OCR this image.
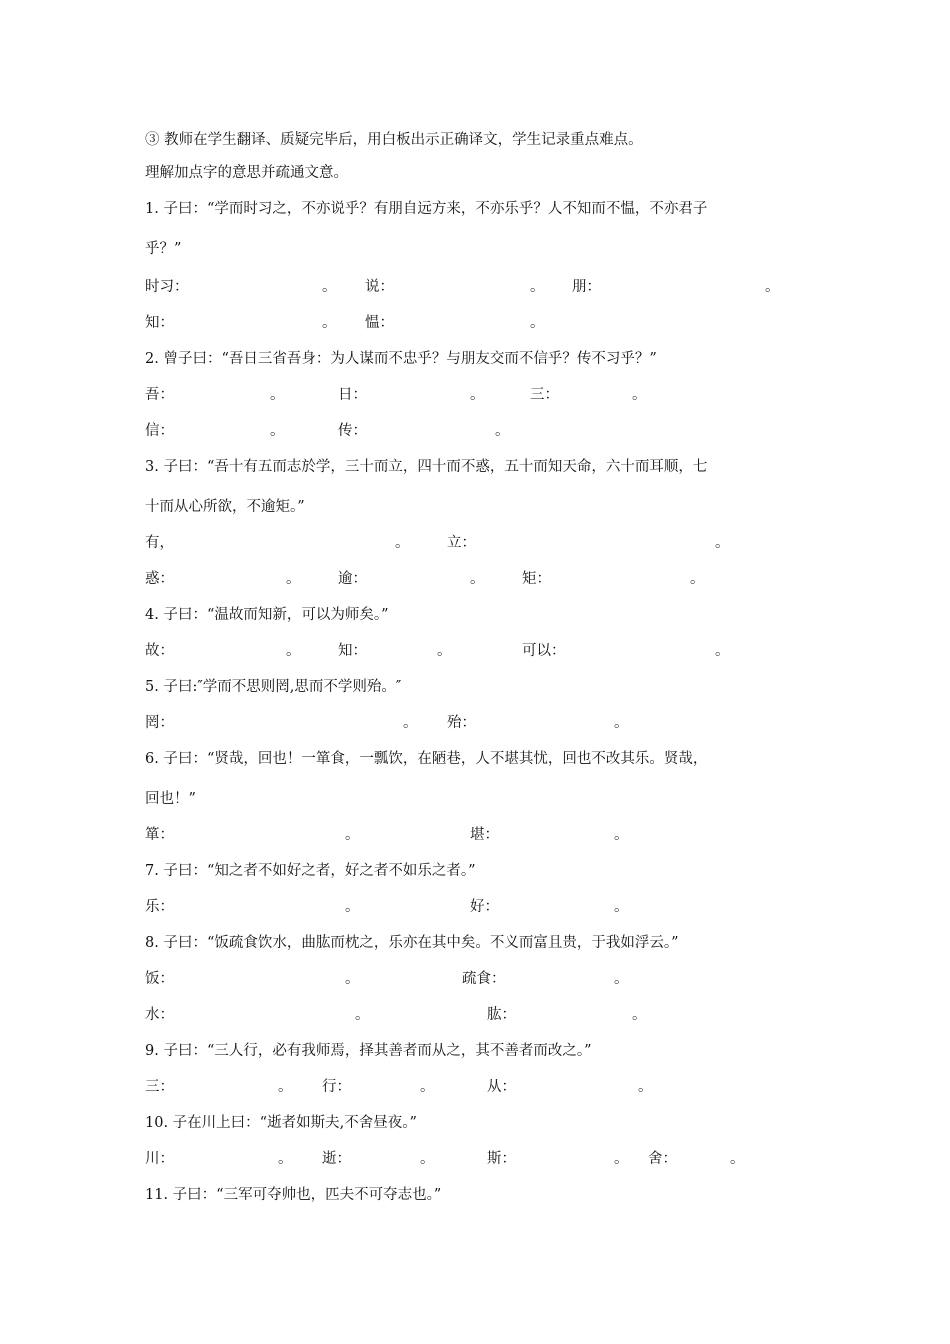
③ 教师在学生翻译、质疑完毕后，用白板出示正确译文，学生记录重点难点。
理解加点字的意思并疏通文意。
1. 子曰：“学而时习之，不亦说乎？有朋自远方来，不亦乐乎？人不知而不愠，不亦君子
乎？”
时习：	。 说：	。 朋：	。
知：	。 愠：	。
2. 曾子曰：“吾日三省吾身：为人谋而不忠乎？与朋友交而不信乎？传不习乎？”
吾：	。	日：	。	三：	。
信：	。	传：	。
3. 子曰：“吾十有五而志於学，三十而立，四十而不惑，五十而知天命，六十而耳顺，七
十而从心所欲，不逾矩。”
有，	。	立：	。
惑：	。	逾：	。	矩：	。
4. 子曰：“温故而知新，可以为师矣。”
故：	。	知：	。	可以：	。
5. 子曰:″学而不思则罔,思而不学则殆。″
罔：	。 殆：	。
6. 子曰：“贤哉，回也！一箪食，一瓢饮，在陋巷，人不堪其忧，回也不改其乐。贤哉，
回也！”
箪：	。	堪：	。
7. 子曰：“知之者不如好之者，好之者不如乐之者。”
乐：	。	好：	。
8. 子曰：“饭疏食饮水，曲肱而枕之，乐亦在其中矣。不义而富且贵，于我如浮云。”
饭：	。	疏食：	。
水：	。	肱：	。
9. 子曰：“三人行，必有我师焉，择其善者而从之，其不善者而改之。”
三：	。 行：	。	从：	。
10. 子在川上曰：“逝者如斯夫,不舍昼夜。”
川：	。 逝：	。	斯：	。 舍：	。
11. 子曰：“三军可夺帅也，匹夫不可夺志也。”
